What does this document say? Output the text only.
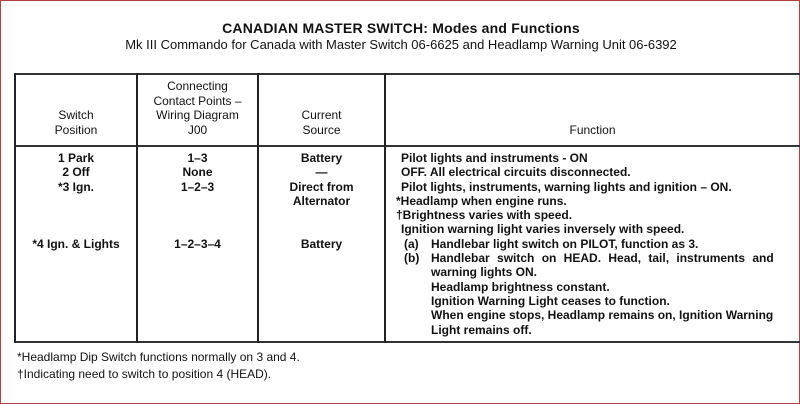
CANADIAN MASTER SWITCH: Modes and Functions
Mk III Commando for Canada with Master Switch 06-6625 and Headlamp Warning Unit 06-6392
Switch
Position
Connecting
Contact Points –
Wiring Diagram
J00
Current
Source	Function
1 Park
2 Off
*3 Ign.
*4 Ign. & Lights
1–3
None
1–2–3
1–2–3–4
Battery
—
Direct from
Alternator
Battery
Pilot lights and instruments - ON
OFF. All electrical circuits disconnected.
Pilot lights, instruments, warning lights and ignition – ON.
*Headlamp when engine runs.
†Brightness varies with speed.
Ignition warning light varies inversely with speed.
(a) Handlebar light switch on PILOT, function as 3.
(b) Handlebar switch on HEAD. Head, tail, instruments and
warning lights ON.
Headlamp brightness constant.
Ignition Warning Light ceases to function.
When engine stops, Headlamp remains on, Ignition Warning
Light remains off.
*Headlamp Dip Switch functions normally on 3 and 4.
†Indicating need to switch to position 4 (HEAD).
